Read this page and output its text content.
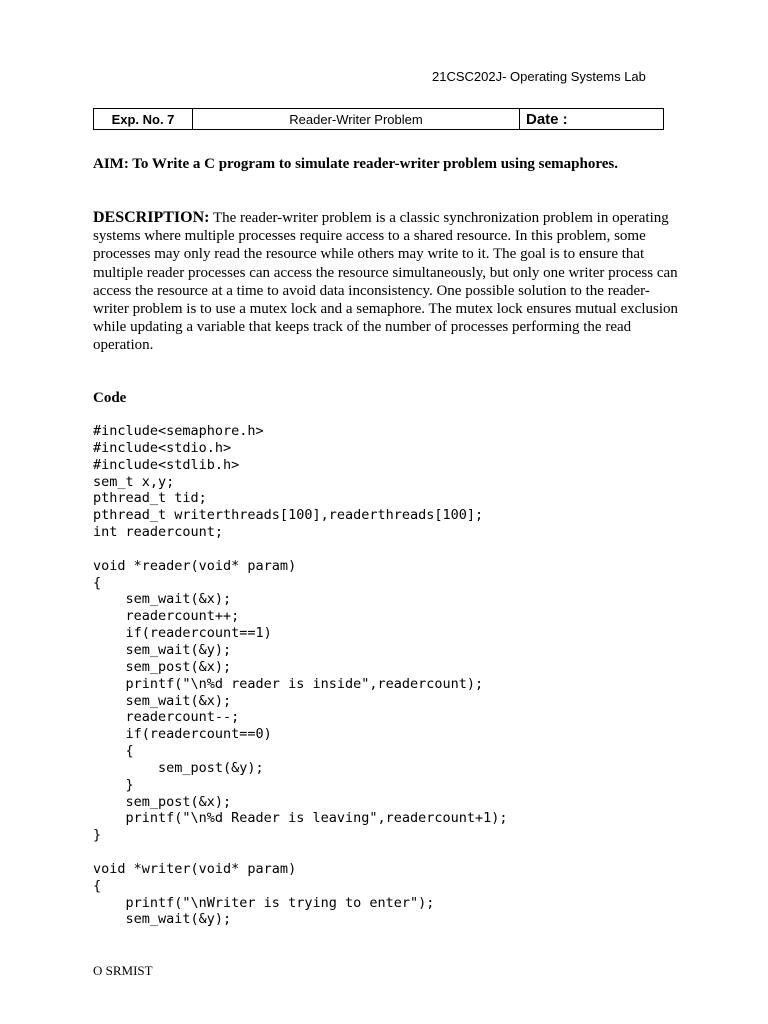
21CSC202J- Operating Systems Lab
Exp. No. 7	Reader-Writer Problem	Date :
AIM: To Write a C program to simulate reader-writer problem using semaphores.
DESCRIPTION: The reader-writer problem is a classic synchronization problem in operating systems where multiple processes require access to a shared resource. In this problem, some processes may only read the resource while others may write to it. The goal is to ensure that multiple reader processes can access the resource simultaneously, but only one writer process can access the resource at a time to avoid data inconsistency. One possible solution to the reader-writer problem is to use a mutex lock and a semaphore. The mutex lock ensures mutual exclusion while updating a variable that keeps track of the number of processes performing the read operation.
Code
#include<semaphore.h>
#include<stdio.h>
#include<stdlib.h>
sem_t x,y;
pthread_t tid;
pthread_t writerthreads[100],readerthreads[100];
int readercount;
void *reader(void* param)
{
sem_wait(&x);
readercount++;
if(readercount==1)
sem_wait(&y);
sem_post(&x);
printf("\n%d reader is inside",readercount);
sem_wait(&x);
readercount--;
if(readercount==0)
{
sem_post(&y);
}
sem_post(&x);
printf("\n%d Reader is leaving",readercount+1);
}
void *writer(void* param)
{
printf("\nWriter is trying to enter");
sem_wait(&y);
O SRMIST
